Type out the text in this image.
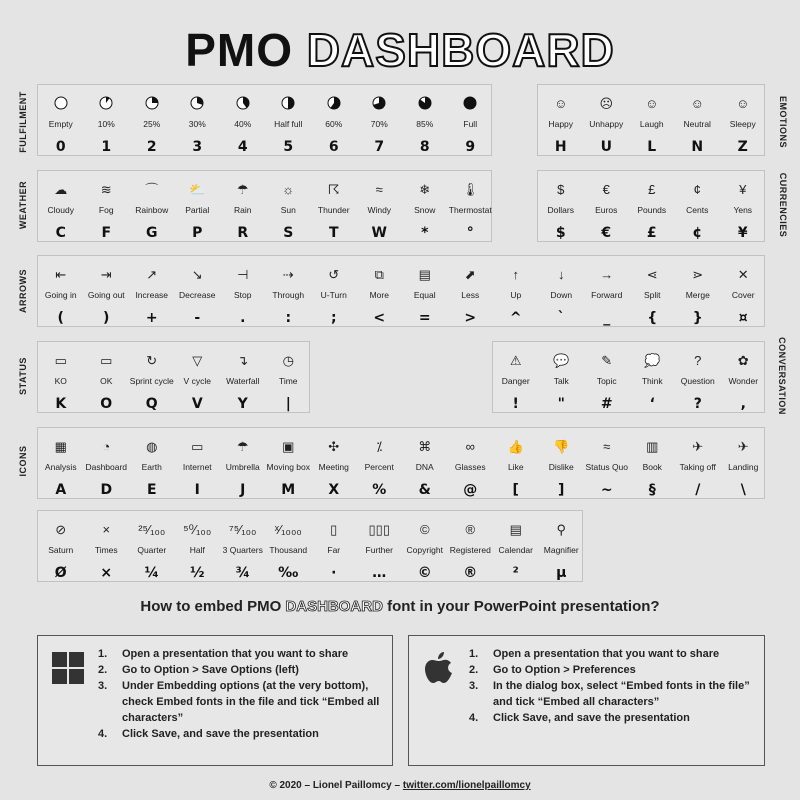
PMO DASHBOARD
FULFILMENT
WEATHER
ARROWS
STATUS
ICONS
EMOTIONS
CURRENCIES
CONVERSATION
Empty
0
10%
1
25%
2
30%
3
40%
4
Half full
5
60%
6
70%
7
85%
8
Full
9
☺
Happy
H
☹
Unhappy
U
☺
Laugh
L
☺
Neutral
N
☺
Sleepy
Z
☁
Cloudy
C
≋
Fog
F
⌒
Rainbow
G
⛅
Partial
P
☂
Rain
R
☼
Sun
S
☈
Thunder
T
≈
Windy
W
❄
Snow
*
🌡
Thermostat
°
$
Dollars
$
€
Euros
€
£
Pounds
£
¢
Cents
¢
¥
Yens
¥
⇤
Going in
(
⇥
Going out
)
↗
Increase
+
↘
Decrease
-
⊣
Stop
.
⇢
Through
:
↺
U-Turn
;
⧉
More
<
▤
Equal
=
⬈
Less
>
↑
Up
^
↓
Down
`
→
Forward
_
⋖
Split
{
⋗
Merge
}
✕
Cover
¤
▭
KO
K
▭
OK
O
↻
Sprint cycle
Q
▽
V cycle
V
↴
Waterfall
Y
◷
Time
|
⚠
Danger
!
💬
Talk
"
✎
Topic
#
💭
Think
‘
?
Question
?
✿
Wonder
,
▦
Analysis
A
◔
Dashboard
D
◍
Earth
E
▭
Internet
I
☂
Umbrella
J
▣
Moving box
M
✣
Meeting
X
⁒
Percent
%
⌘
DNA
&
∞
Glasses
@
👍
Like
[
👎
Dislike
]
≈
Status Quo
~
▥
Book
§
✈
Taking off
/
✈
Landing
\
⊘
Saturn
Ø
×
Times
×
²⁵⁄₁₀₀
Quarter
¼
⁵⁰⁄₁₀₀
Half
½
⁷⁵⁄₁₀₀
3 Quarters
¾
ˣ⁄₁₀₀₀
Thousand
‰
▯
Far
·
▯▯▯
Further
…
©
Copyright
©
®
Registered
®
▤
Calendar
²
⚲
Magnifier
µ
How to embed PMO DASHBOARD font in your PowerPoint presentation?
1.	Open a presentation that you want to share
2.	Go to Option > Save Options (left)
3.	Under Embedding options (at the very bottom), check Embed fonts in the file and tick “Embed all characters”
4.	Click Save, and save the presentation
1.	Open a presentation that you want to share
2.	Go to Option > Preferences
3.	In the dialog box, select “Embed fonts in the file” and tick “Embed all characters”
4.	Click Save, and save the presentation
© 2020 – Lionel Paillomcy – twitter.com/lionelpaillomcy
